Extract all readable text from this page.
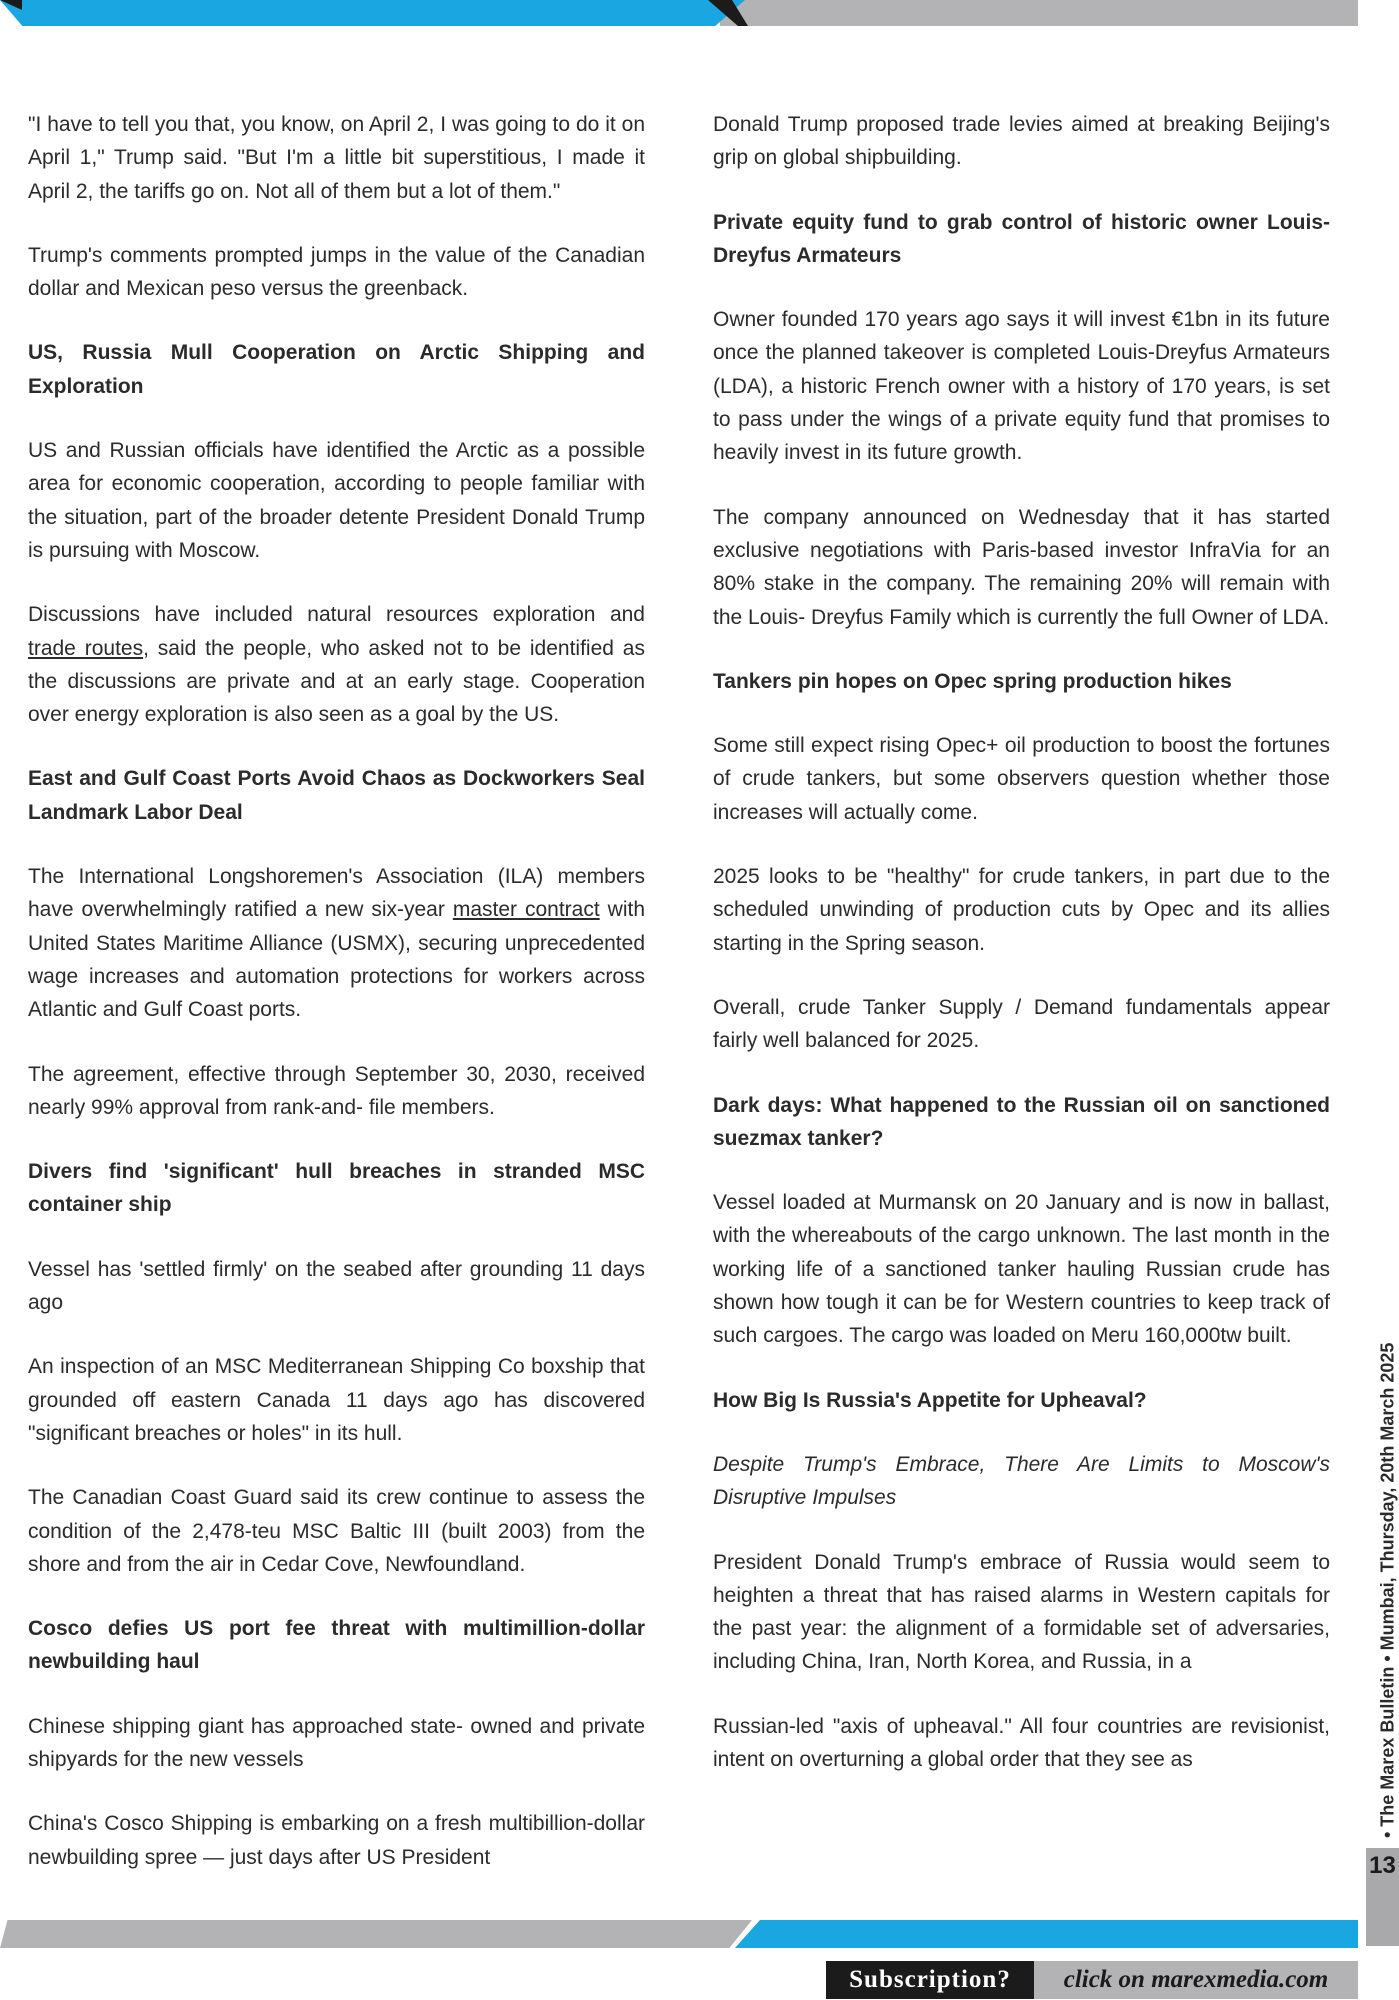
"I have to tell you that, you know, on April 2, I was going to do it on April 1," Trump said. "But I'm a little bit superstitious, I made it April 2, the tariffs go on. Not all of them but a lot of them."

Trump's comments prompted jumps in the value of the Canadian dollar and Mexican peso versus the greenback.

US, Russia Mull Cooperation on Arctic Shipping and Exploration

US and Russian officials have identified the Arctic as a possible area for economic cooperation, according to people familiar with the situation, part of the broader detente President Donald Trump is pursuing with Moscow.

Discussions have included natural resources exploration and trade routes, said the people, who asked not to be identified as the discussions are private and at an early stage. Cooperation over energy exploration is also seen as a goal by the US.

East and Gulf Coast Ports Avoid Chaos as Dockworkers Seal Landmark Labor Deal

The International Longshoremen's Association (ILA) members have overwhelmingly ratified a new six-year master contract with United States Maritime Alliance (USMX), securing unprecedented wage increases and automation protections for workers across Atlantic and Gulf Coast ports.

The agreement, effective through September 30, 2030, received nearly 99% approval from rank-and- file members.

Divers find 'significant' hull breaches in stranded MSC container ship

Vessel has 'settled firmly' on the seabed after grounding 11 days ago

An inspection of an MSC Mediterranean Shipping Co boxship that grounded off eastern Canada 11 days ago has discovered "significant breaches or holes" in its hull.

The Canadian Coast Guard said its crew continue to assess the condition of the 2,478-teu MSC Baltic III (built 2003) from the shore and from the air in Cedar Cove, Newfoundland.

Cosco defies US port fee threat with multimillion-dollar newbuilding haul

Chinese shipping giant has approached state- owned and private shipyards for the new vessels

China's Cosco Shipping is embarking on a fresh multibillion-dollar newbuilding spree — just days after US President

Donald Trump proposed trade levies aimed at breaking Beijing's grip on global shipbuilding.

Private equity fund to grab control of historic owner Louis-Dreyfus Armateurs

Owner founded 170 years ago says it will invest €1bn in its future once the planned takeover is completed Louis-Dreyfus Armateurs (LDA), a historic French owner with a history of 170 years, is set to pass under the wings of a private equity fund that promises to heavily invest in its future growth.

The company announced on Wednesday that it has started exclusive negotiations with Paris-based investor InfraVia for an 80% stake in the company. The remaining 20% will remain with the Louis- Dreyfus Family which is currently the full Owner of LDA.

Tankers pin hopes on Opec spring production hikes

Some still expect rising Opec+ oil production to boost the fortunes of crude tankers, but some observers question whether those increases will actually come.

2025 looks to be "healthy" for crude tankers, in part due to the scheduled unwinding of production cuts by Opec and its allies starting in the Spring season.

Overall, crude Tanker Supply / Demand fundamentals appear fairly well balanced for 2025.

Dark days: What happened to the Russian oil on sanctioned suezmax tanker?

Vessel loaded at Murmansk on 20 January and is now in ballast, with the whereabouts of the cargo unknown. The last month in the working life of a sanctioned tanker hauling Russian crude has shown how tough it can be for Western countries to keep track of such cargoes. The cargo was loaded on Meru 160,000tw built.

How Big Is Russia's Appetite for Upheaval?

Despite Trump's Embrace, There Are Limits to Moscow's Disruptive Impulses

President Donald Trump's embrace of Russia would seem to heighten a threat that has raised alarms in Western capitals for the past year: the alignment of a formidable set of adversaries, including China, Iran, North Korea, and Russia, in a

Russian-led "axis of upheaval." All four countries are revisionist, intent on overturning a global order that they see as	• The Marex Bulletin • Mumbai, Thursday, 20th March 2025
13
Subscription?	click on marexmedia.com
